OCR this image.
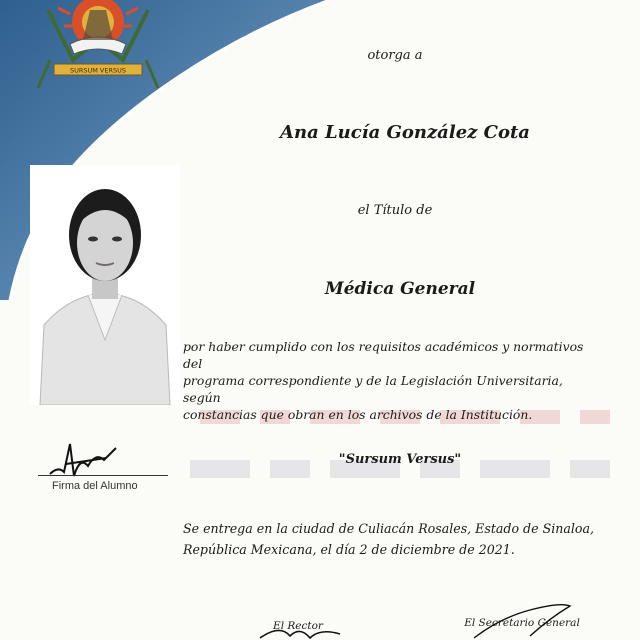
SURSUM VERSUS
otorga a
Ana Lucía González Cota
el Título de
Médica General
por haber cumplido con los requisitos académicos y normativos del
programa correspondiente y de la Legislación Universitaria, según
constancias que obran en los archivos de la Institución.
"Sursum Versus"
Firma del Alumno
Se entrega en la ciudad de Culiacán Rosales, Estado de Sinaloa,
República Mexicana, el día 2 de diciembre de 2021.
El Rector	El Secretario General
